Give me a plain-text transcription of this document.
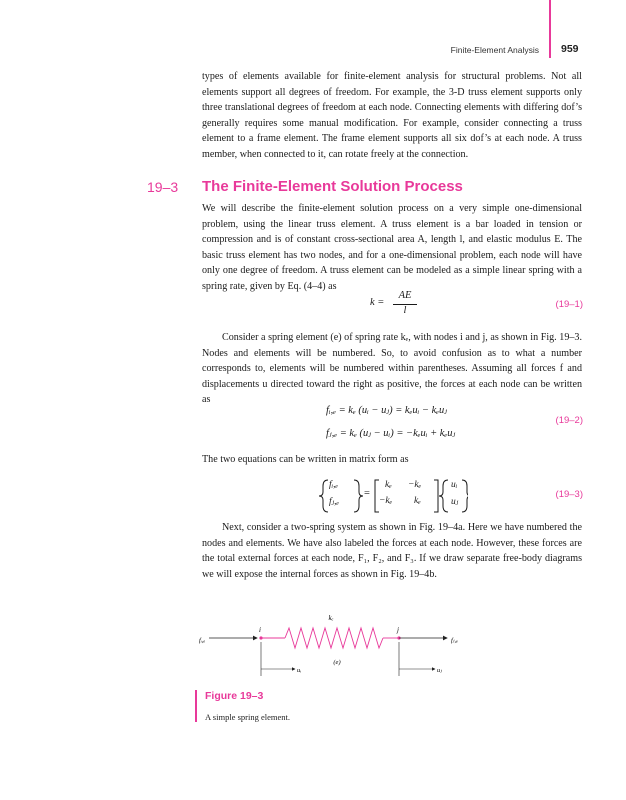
Finite-Element Analysis 959
types of elements available for finite-element analysis for structural problems. Not all elements support all degrees of freedom. For example, the 3-D truss element supports only three translational degrees of freedom at each node. Connecting elements with differing dof’s generally requires some manual modification. For example, consider connecting a truss element to a frame element. The frame element supports all six dof’s at each node. A truss member, when connected to it, can rotate freely at the connection.
19–3 The Finite-Element Solution Process
We will describe the finite-element solution process on a very simple one-dimensional problem, using the linear truss element. A truss element is a bar loaded in tension or compression and is of constant cross-sectional area A, length l, and elastic modulus E. The basic truss element has two nodes, and for a one-dimensional problem, each node will have only one degree of freedom. A truss element can be modeled as a simple linear spring with a spring rate, given by Eq. (4–4) as
k =
AE
l
(19–1)
Consider a spring element (e) of spring rate kₑ, with nodes i and j, as shown in Fig. 19–3. Nodes and elements will be numbered. So, to avoid confusion as to what a number corresponds to, elements will be numbered within parentheses. Assuming all forces f and displacements u directed toward the right as positive, the forces at each node can be written as
fᵢ,ₑ = kₑ (uᵢ − uⱼ) = kₑuᵢ − kₑuⱼ
fⱼ,ₑ = kₑ (uⱼ − uᵢ) = −kₑuᵢ + kₑuⱼ
(19–2)
The two equations can be written in matrix form as
fᵢ,ₑ
fⱼ,ₑ
=
kₑ −kₑ
−kₑ kₑ
uᵢ
uⱼ
(19–3)
Next, consider a two-spring system as shown in Fig. 19–4a. Here we have numbered the nodes and elements. We have also labeled the forces at each node. However, these forces are the total external forces at each node, F₁, F₂, and F₃. If we draw separate free-body diagrams we will expose the internal forces as shown in Fig. 19–4b.
kₑ
i	j
fᵢ,ₑ	fⱼ,ₑ
(e)
uᵢ	uⱼ
Figure 19–3
A simple spring element.
